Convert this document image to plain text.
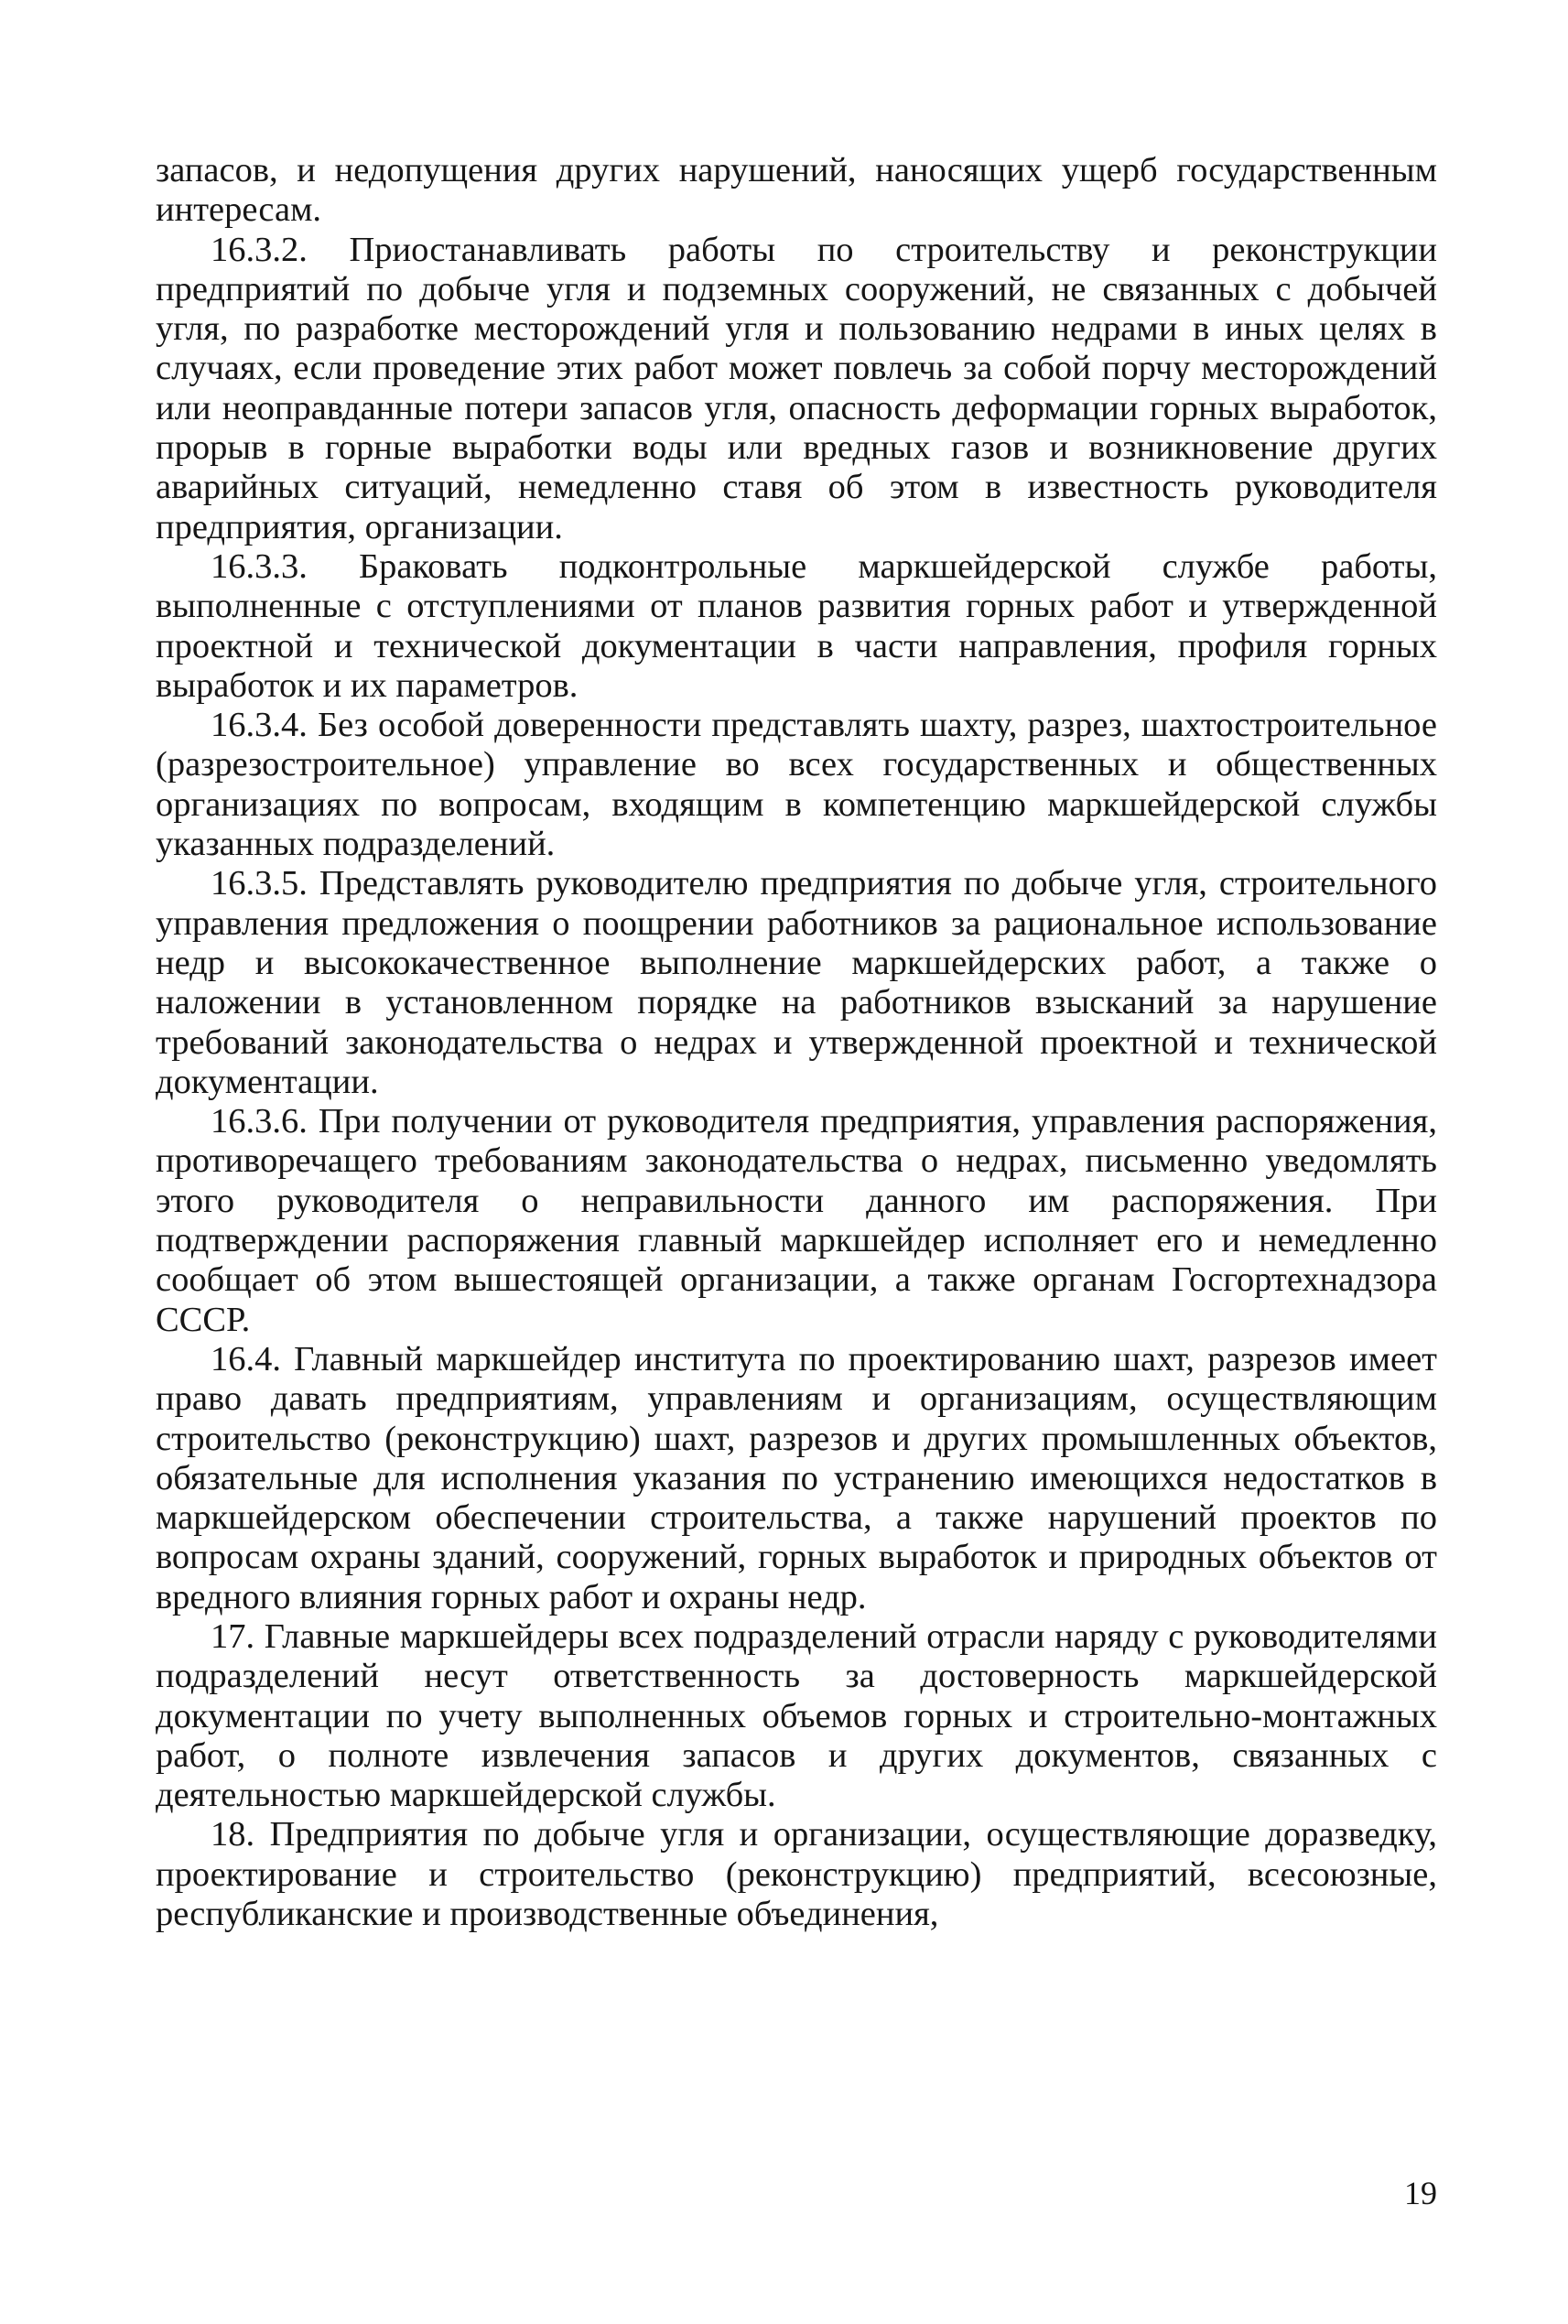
запасов, и недопущения других нарушений, наносящих ущерб государственным интересам.

16.3.2. Приостанавливать работы по строительству и реконструкции предприятий по добыче угля и подземных сооружений, не связанных с добычей угля, по разработке месторождений угля и пользованию недрами в иных целях в случаях, если проведение этих работ может повлечь за собой порчу месторождений или неоправданные потери запасов угля, опасность деформации горных выработок, прорыв в горные выработки воды или вредных газов и возникновение других аварийных ситуаций, немедленно ставя об этом в известность руководителя предприятия, организации.

16.3.3. Браковать подконтрольные маркшейдерской службе работы, выполненные с отступлениями от планов развития горных работ и утвержденной проектной и технической документации в части направления, профиля горных выработок и их параметров.

16.3.4. Без особой доверенности представлять шахту, разрез, шахтостроительное (разрезостроительное) управление во всех государственных и общественных организациях по вопросам, входящим в компетенцию маркшейдерской службы указанных подразделений.

16.3.5. Представлять руководителю предприятия по добыче угля, строительного управления предложения о поощрении работников за рациональное использование недр и высококачественное выполнение маркшейдерских работ, а также о наложении в установленном порядке на работников взысканий за нарушение требований законодательства о недрах и утвержденной проектной и технической документации.

16.3.6. При получении от руководителя предприятия, управления распоряжения, противоречащего требованиям законодательства о недрах, письменно уведомлять этого руководителя о неправильности данного им распоряжения. При подтверждении распоряжения главный маркшейдер исполняет его и немедленно сообщает об этом вышестоящей организации, а также органам Госгортехнадзора СССР.

16.4. Главный маркшейдер института по проектированию шахт, разрезов имеет право давать предприятиям, управлениям и организациям, осуществляющим строительство (реконструкцию) шахт, разрезов и других промышленных объектов, обязательные для исполнения указания по устранению имеющихся недостатков в маркшейдерском обеспечении строительства, а также нарушений проектов по вопросам охраны зданий, сооружений, горных выработок и природных объектов от вредного влияния горных работ и охраны недр.

17. Главные маркшейдеры всех подразделений отрасли наряду с руководителями подразделений несут ответственность за достоверность маркшейдерской документации по учету выполненных объемов горных и строительно-монтажных работ, о полноте извлечения запасов и других документов, связанных с деятельностью маркшейдерской службы.

18. Предприятия по добыче угля и организации, осуществляющие доразведку, проектирование и строительство (реконструкцию) предприятий, всесоюзные, республиканские и производственные объединения,

19
